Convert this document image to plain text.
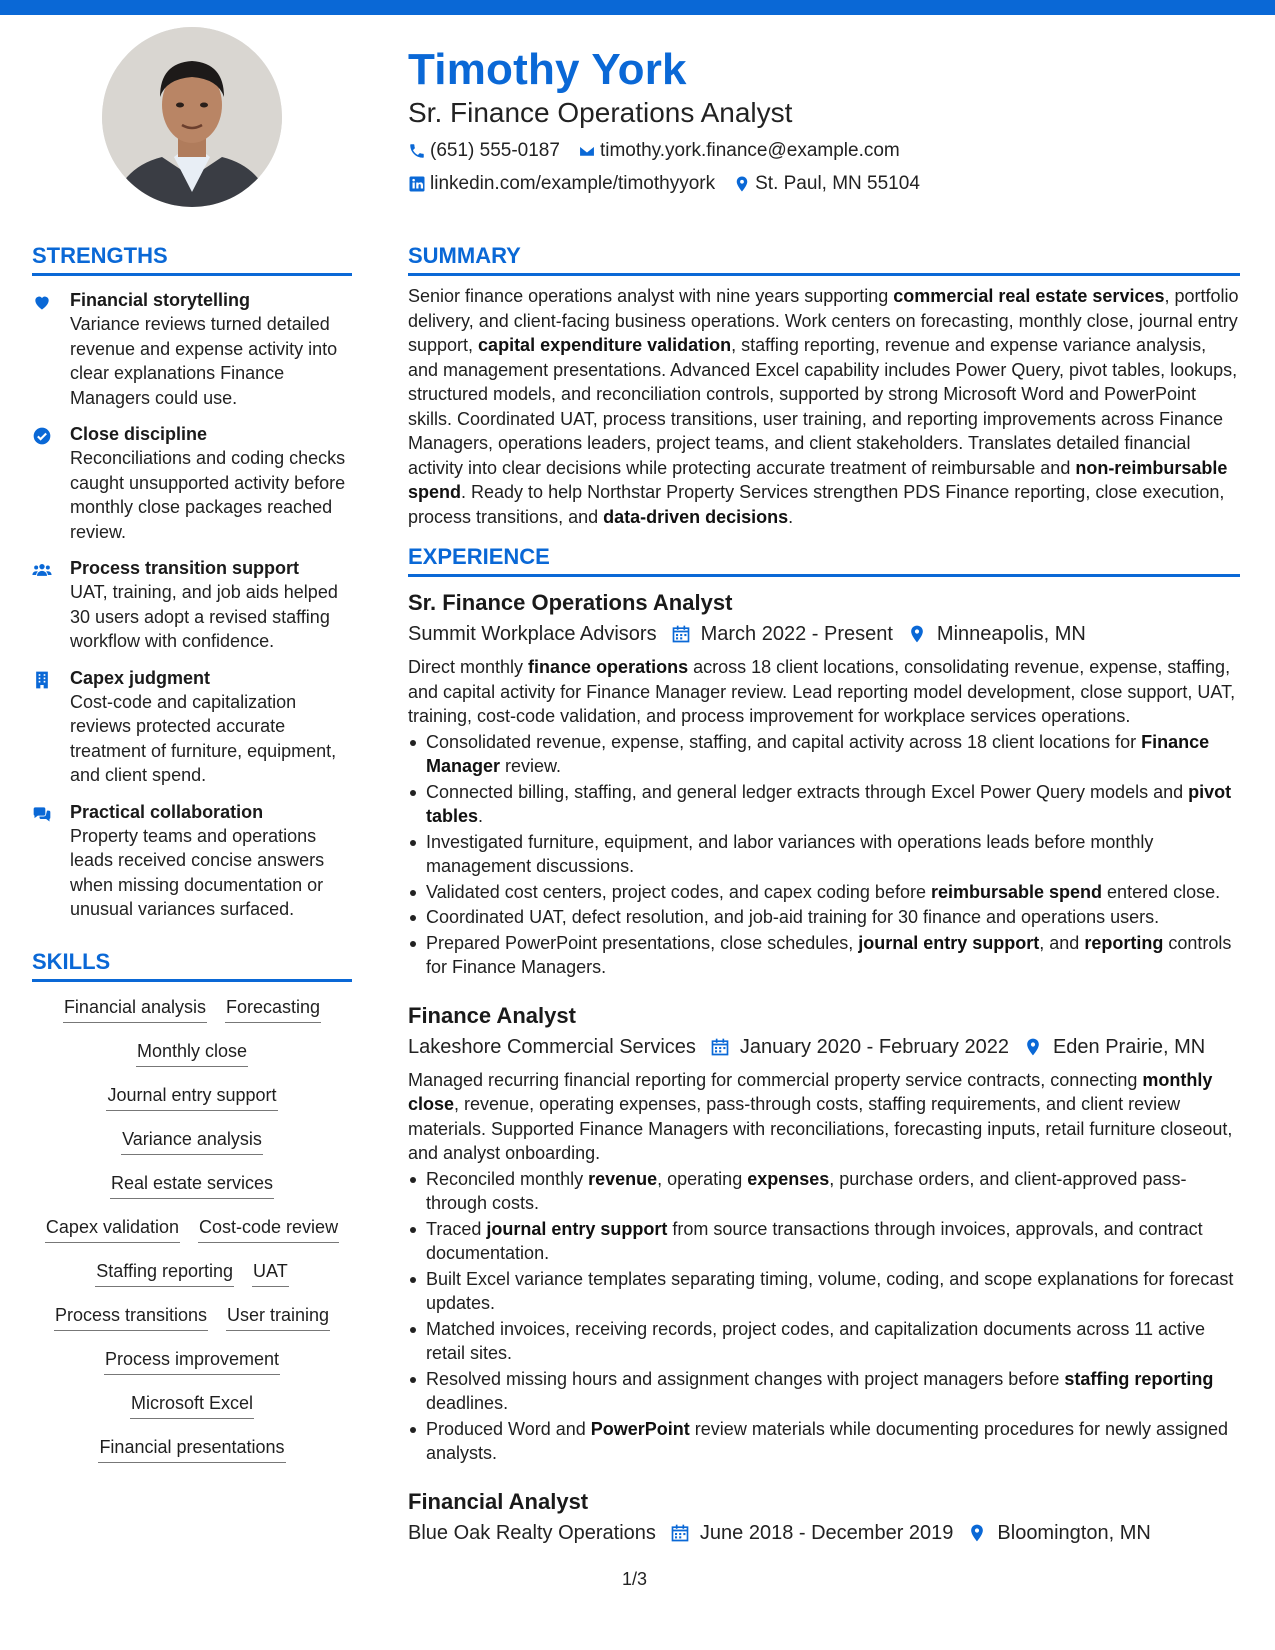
Timothy York
Sr. Finance Operations Analyst
(651) 555-0187 timothy.york.finance@example.com
linkedin.com/example/timothyyork St. Paul, MN 55104
STRENGTHS
Financial storytelling
Variance reviews turned detailed revenue and expense activity into clear explanations Finance Managers could use.
Close discipline
Reconciliations and coding checks caught unsupported activity before monthly close packages reached review.
Process transition support
UAT, training, and job aids helped 30 users adopt a revised staffing workflow with confidence.
Capex judgment
Cost-code and capitalization reviews protected accurate treatment of furniture, equipment, and client spend.
Practical collaboration
Property teams and operations leads received concise answers when missing documentation or unusual variances surfaced.
SKILLS
Financial analysis Forecasting
Monthly close
Journal entry support
Variance analysis
Real estate services
Capex validation Cost-code review
Staffing reporting UAT
Process transitions User training
Process improvement
Microsoft Excel
Financial presentations
SUMMARY

Senior finance operations analyst with nine years supporting commercial real estate services, portfolio delivery, and client-facing business operations. Work centers on forecasting, monthly close, journal entry support, capital expenditure validation, staffing reporting, revenue and expense variance analysis, and management presentations. Advanced Excel capability includes Power Query, pivot tables, lookups, structured models, and reconciliation controls, supported by strong Microsoft Word and PowerPoint skills. Coordinated UAT, process transitions, user training, and reporting improvements across Finance Managers, operations leaders, project teams, and client stakeholders. Translates detailed financial activity into clear decisions while protecting accurate treatment of reimbursable and non-reimbursable spend. Ready to help Northstar Property Services strengthen PDS Finance reporting, close execution, process transitions, and data-driven decisions.

EXPERIENCE
Sr. Finance Operations Analyst
Summit Workplace Advisors March 2022 - Present Minneapolis, MN

Direct monthly finance operations across 18 client locations, consolidating revenue, expense, staffing, and capital activity for Finance Manager review. Lead reporting model development, close support, UAT, training, cost-code validation, and process improvement for workplace services operations.

Consolidated revenue, expense, staffing, and capital activity across 18 client locations for Finance Manager review.
Connected billing, staffing, and general ledger extracts through Excel Power Query models and pivot tables.
Investigated furniture, equipment, and labor variances with operations leads before monthly management discussions.
Validated cost centers, project codes, and capex coding before reimbursable spend entered close.
Coordinated UAT, defect resolution, and job-aid training for 30 finance and operations users.
Prepared PowerPoint presentations, close schedules, journal entry support, and reporting controls for Finance Managers.
Finance Analyst
Lakeshore Commercial Services January 2020 - February 2022 Eden Prairie, MN

Managed recurring financial reporting for commercial property service contracts, connecting monthly close, revenue, operating expenses, pass-through costs, staffing requirements, and client review materials. Supported Finance Managers with reconciliations, forecasting inputs, retail furniture closeout, and analyst onboarding.

Reconciled monthly revenue, operating expenses, purchase orders, and client-approved pass-through costs.
Traced journal entry support from source transactions through invoices, approvals, and contract documentation.
Built Excel variance templates separating timing, volume, coding, and scope explanations for forecast updates.
Matched invoices, receiving records, project codes, and capitalization documents across 11 active retail sites.
Resolved missing hours and assignment changes with project managers before staffing reporting deadlines.
Produced Word and PowerPoint review materials while documenting procedures for newly assigned analysts.
Financial Analyst
Blue Oak Realty Operations June 2018 - December 2019 Bloomington, MN
1/3
